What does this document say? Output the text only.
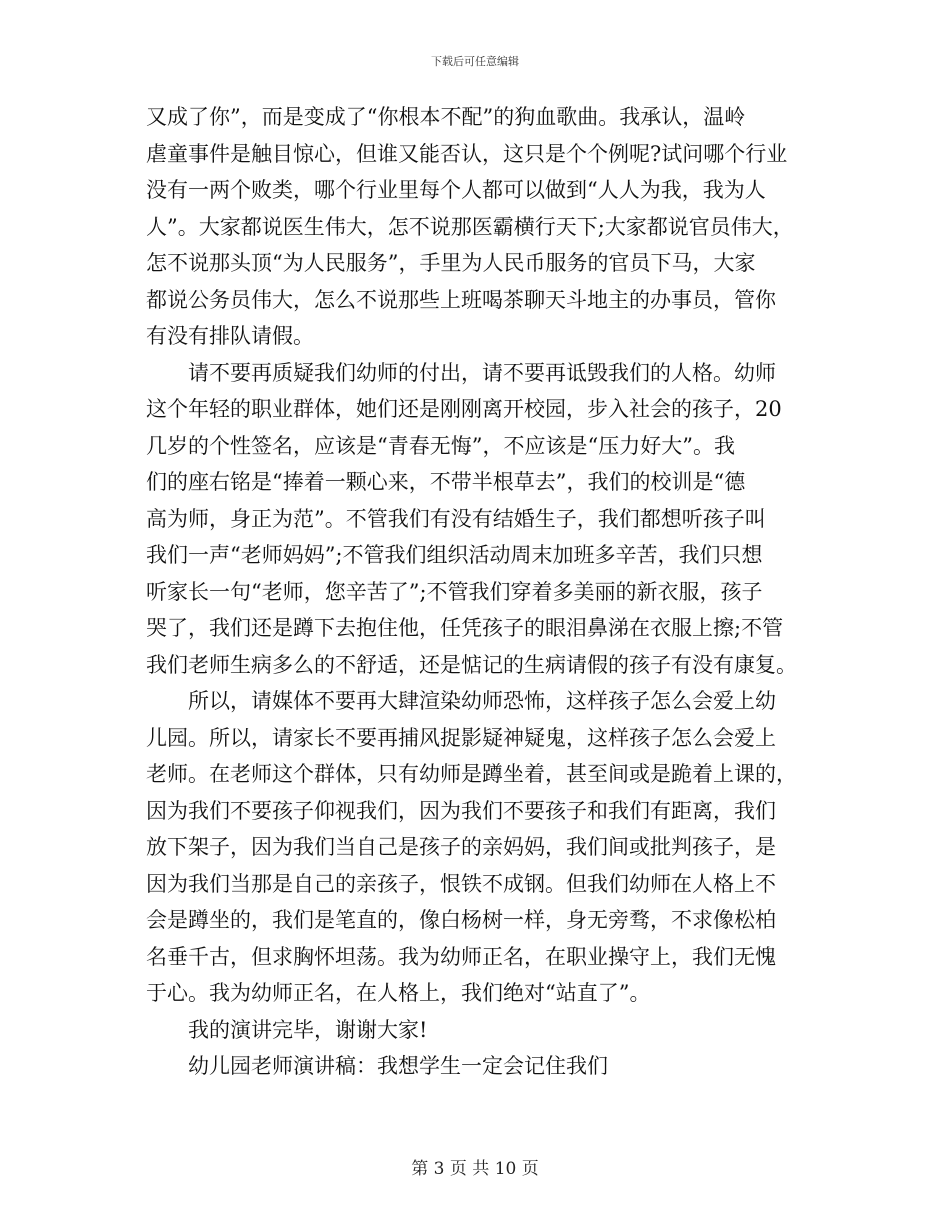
下载后可任意编辑
又成了你”，而是变成了“你根本不配”的狗血歌曲。我承认，温岭
虐童事件是触目惊心，但谁又能否认，这只是个个例呢?试问哪个行业
没有一两个败类，哪个行业里每个人都可以做到“人人为我，我为人
人”。大家都说医生伟大，怎不说那医霸横行天下;大家都说官员伟大，
怎不说那头顶“为人民服务”，手里为人民币服务的官员下马，大家
都说公务员伟大，怎么不说那些上班喝茶聊天斗地主的办事员，管你
有没有排队请假。
请不要再质疑我们幼师的付出，请不要再诋毁我们的人格。幼师
这个年轻的职业群体，她们还是刚刚离开校园，步入社会的孩子，20
几岁的个性签名，应该是“青春无悔”，不应该是“压力好大”。我
们的座右铭是“捧着一颗心来，不带半根草去”，我们的校训是“德
高为师，身正为范”。不管我们有没有结婚生子，我们都想听孩子叫
我们一声“老师妈妈”;不管我们组织活动周末加班多辛苦，我们只想
听家长一句“老师，您辛苦了”;不管我们穿着多美丽的新衣服，孩子
哭了，我们还是蹲下去抱住他，任凭孩子的眼泪鼻涕在衣服上擦;不管
我们老师生病多么的不舒适，还是惦记的生病请假的孩子有没有康复。
所以，请媒体不要再大肆渲染幼师恐怖，这样孩子怎么会爱上幼
儿园。所以，请家长不要再捕风捉影疑神疑鬼，这样孩子怎么会爱上
老师。在老师这个群体，只有幼师是蹲坐着，甚至间或是跪着上课的，
因为我们不要孩子仰视我们，因为我们不要孩子和我们有距离，我们
放下架子，因为我们当自己是孩子的亲妈妈，我们间或批判孩子，是
因为我们当那是自己的亲孩子，恨铁不成钢。但我们幼师在人格上不
会是蹲坐的，我们是笔直的，像白杨树一样，身无旁骛，不求像松柏
名垂千古，但求胸怀坦荡。我为幼师正名，在职业操守上，我们无愧
于心。我为幼师正名，在人格上，我们绝对“站直了”。
我的演讲完毕，谢谢大家!
幼儿园老师演讲稿：我想学生一定会记住我们
第 3 页 共 10 页
